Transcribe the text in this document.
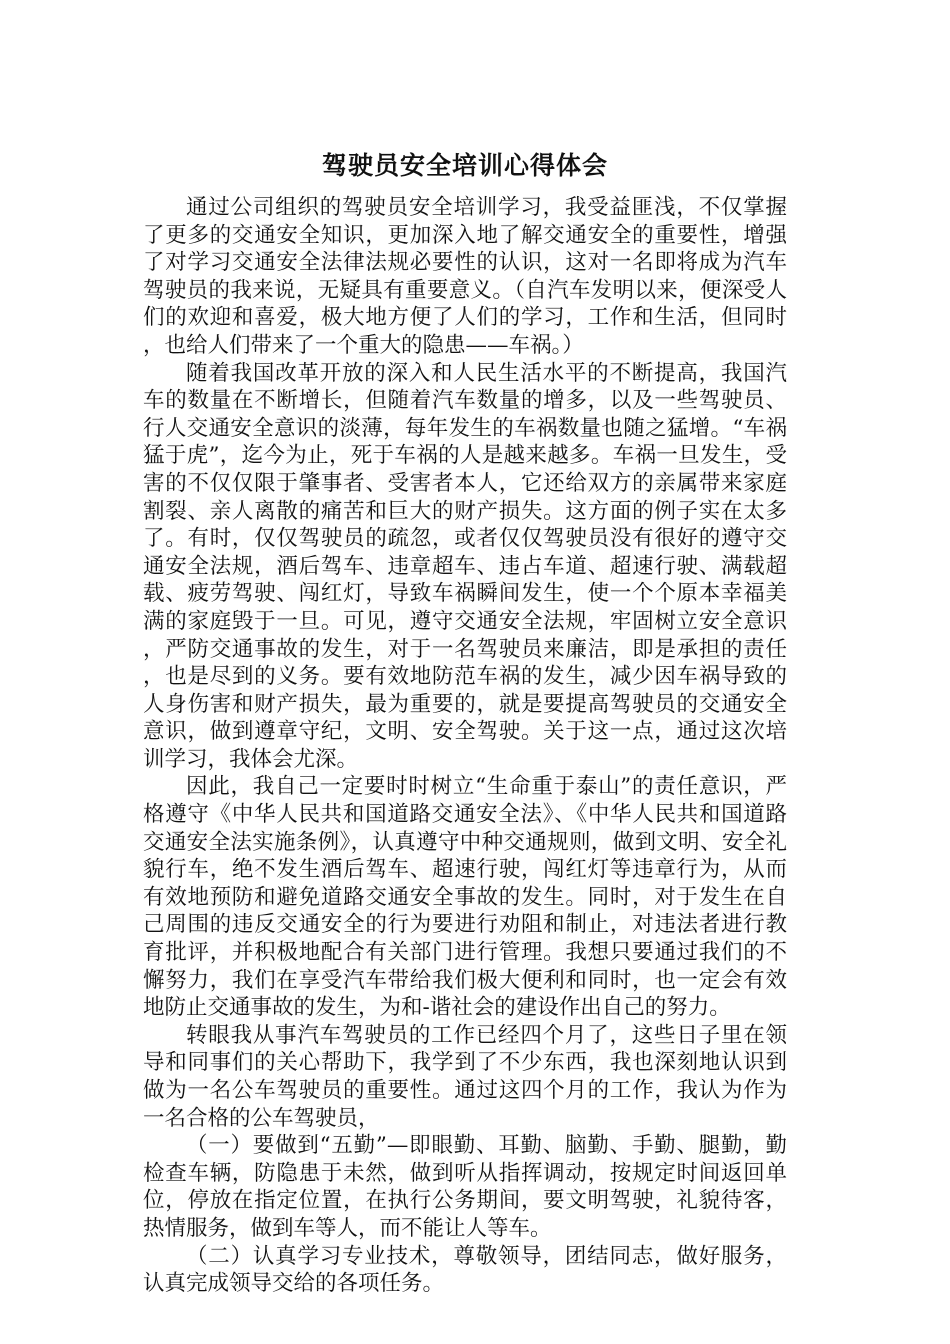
驾驶员安全培训心得体会

通过公司组织的驾驶员安全培训学习，我受益匪浅，不仅掌握了更多的交通安全知识，更加深入地了解交通安全的重要性，增强了对学习交通安全法律法规必要性的认识，这对一名即将成为汽车驾驶员的我来说，无疑具有重要意义。（自汽车发明以来，便深受人们的欢迎和喜爱，极大地方便了人们的学习，工作和生活，但同时，也给人们带来了一个重大的隐患——车祸。）

随着我国改革开放的深入和人民生活水平的不断提高，我国汽车的数量在不断增长，但随着汽车数量的增多，以及一些驾驶员、行人交通安全意识的淡薄，每年发生的车祸数量也随之猛增。“车祸猛于虎”，迄今为止，死于车祸的人是越来越多。车祸一旦发生，受害的不仅仅限于肇事者、受害者本人，它还给双方的亲属带来家庭割裂、亲人离散的痛苦和巨大的财产损失。这方面的例子实在太多了。有时，仅仅驾驶员的疏忽，或者仅仅驾驶员没有很好的遵守交通安全法规，酒后驾车、违章超车、违占车道、超速行驶、满载超载、疲劳驾驶、闯红灯，导致车祸瞬间发生，使一个个原本幸福美满的家庭毁于一旦。可见，遵守交通安全法规，牢固树立安全意识，严防交通事故的发生，对于一名驾驶员来廉洁，即是承担的责任，也是尽到的义务。要有效地防范车祸的发生，减少因车祸导致的人身伤害和财产损失，最为重要的，就是要提高驾驶员的交通安全意识，做到遵章守纪，文明、安全驾驶。关于这一点，通过这次培训学习，我体会尤深。

因此，我自己一定要时时树立“生命重于泰山”的责任意识，严格遵守《中华人民共和国道路交通安全法》、《中华人民共和国道路交通安全法实施条例》，认真遵守中种交通规则，做到文明、安全礼貌行车，绝不发生酒后驾车、超速行驶，闯红灯等违章行为，从而有效地预防和避免道路交通安全事故的发生。同时，对于发生在自己周围的违反交通安全的行为要进行劝阻和制止，对违法者进行教育批评，并积极地配合有关部门进行管理。我想只要通过我们的不懈努力，我们在享受汽车带给我们极大便利和同时，也一定会有效地防止交通事故的发生，为和-谐社会的建设作出自己的努力。

转眼我从事汽车驾驶员的工作已经四个月了，这些日子里在领导和同事们的关心帮助下，我学到了不少东西，我也深刻地认识到做为一名公车驾驶员的重要性。通过这四个月的工作，我认为作为一名合格的公车驾驶员，

（一）要做到“五勤”—即眼勤、耳勤、脑勤、手勤、腿勤，勤检查车辆，防隐患于未然，做到听从指挥调动，按规定时间返回单位，停放在指定位置，在执行公务期间，要文明驾驶，礼貌待客，热情服务，做到车等人，而不能让人等车。

（二）认真学习专业技术，尊敬领导，团结同志，做好服务，认真完成领导交给的各项任务。
